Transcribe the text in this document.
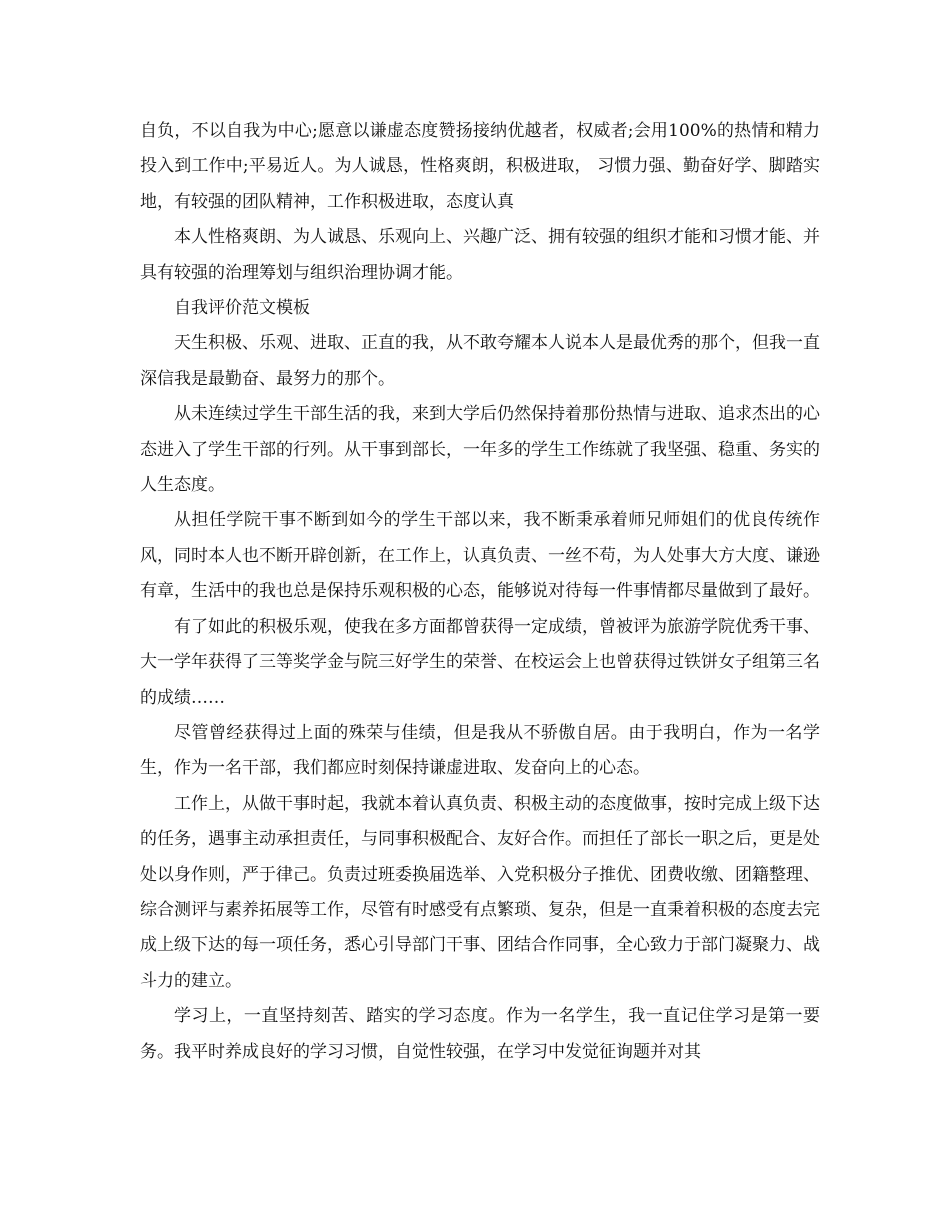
自负，不以自我为中心;愿意以谦虚态度赞扬接纳优越者，权威者;会用100%的热情和精力投入到工作中;平易近人。为人诚恳，性格爽朗，积极进取， 习惯力强、勤奋好学、脚踏实地，有较强的团队精神，工作积极进取，态度认真

本人性格爽朗、为人诚恳、乐观向上、兴趣广泛、拥有较强的组织才能和习惯才能、并具有较强的治理筹划与组织治理协调才能。

自我评价范文模板

天生积极、乐观、进取、正直的我，从不敢夸耀本人说本人是最优秀的那个，但我一直深信我是最勤奋、最努力的那个。

从未连续过学生干部生活的我，来到大学后仍然保持着那份热情与进取、追求杰出的心态进入了学生干部的行列。从干事到部长，一年多的学生工作练就了我坚强、稳重、务实的人生态度。

从担任学院干事不断到如今的学生干部以来，我不断秉承着师兄师姐们的优良传统作风，同时本人也不断开辟创新，在工作上，认真负责、一丝不苟，为人处事大方大度、谦逊有章，生活中的我也总是保持乐观积极的心态，能够说对待每一件事情都尽量做到了最好。

有了如此的积极乐观，使我在多方面都曾获得一定成绩，曾被评为旅游学院优秀干事、大一学年获得了三等奖学金与院三好学生的荣誉、在校运会上也曾获得过铁饼女子组第三名的成绩……

尽管曾经获得过上面的殊荣与佳绩，但是我从不骄傲自居。由于我明白，作为一名学生，作为一名干部，我们都应时刻保持谦虚进取、发奋向上的心态。

工作上，从做干事时起，我就本着认真负责、积极主动的态度做事，按时完成上级下达的任务，遇事主动承担责任，与同事积极配合、友好合作。而担任了部长一职之后，更是处处以身作则，严于律己。负责过班委换届选举、入党积极分子推优、团费收缴、团籍整理、综合测评与素养拓展等工作，尽管有时感受有点繁琐、复杂，但是一直秉着积极的态度去完成上级下达的每一项任务，悉心引导部门干事、团结合作同事，全心致力于部门凝聚力、战斗力的建立。

学习上，一直坚持刻苦、踏实的学习态度。作为一名学生，我一直记住学习是第一要务。我平时养成良好的学习习惯，自觉性较强，在学习中发觉征询题并对其
